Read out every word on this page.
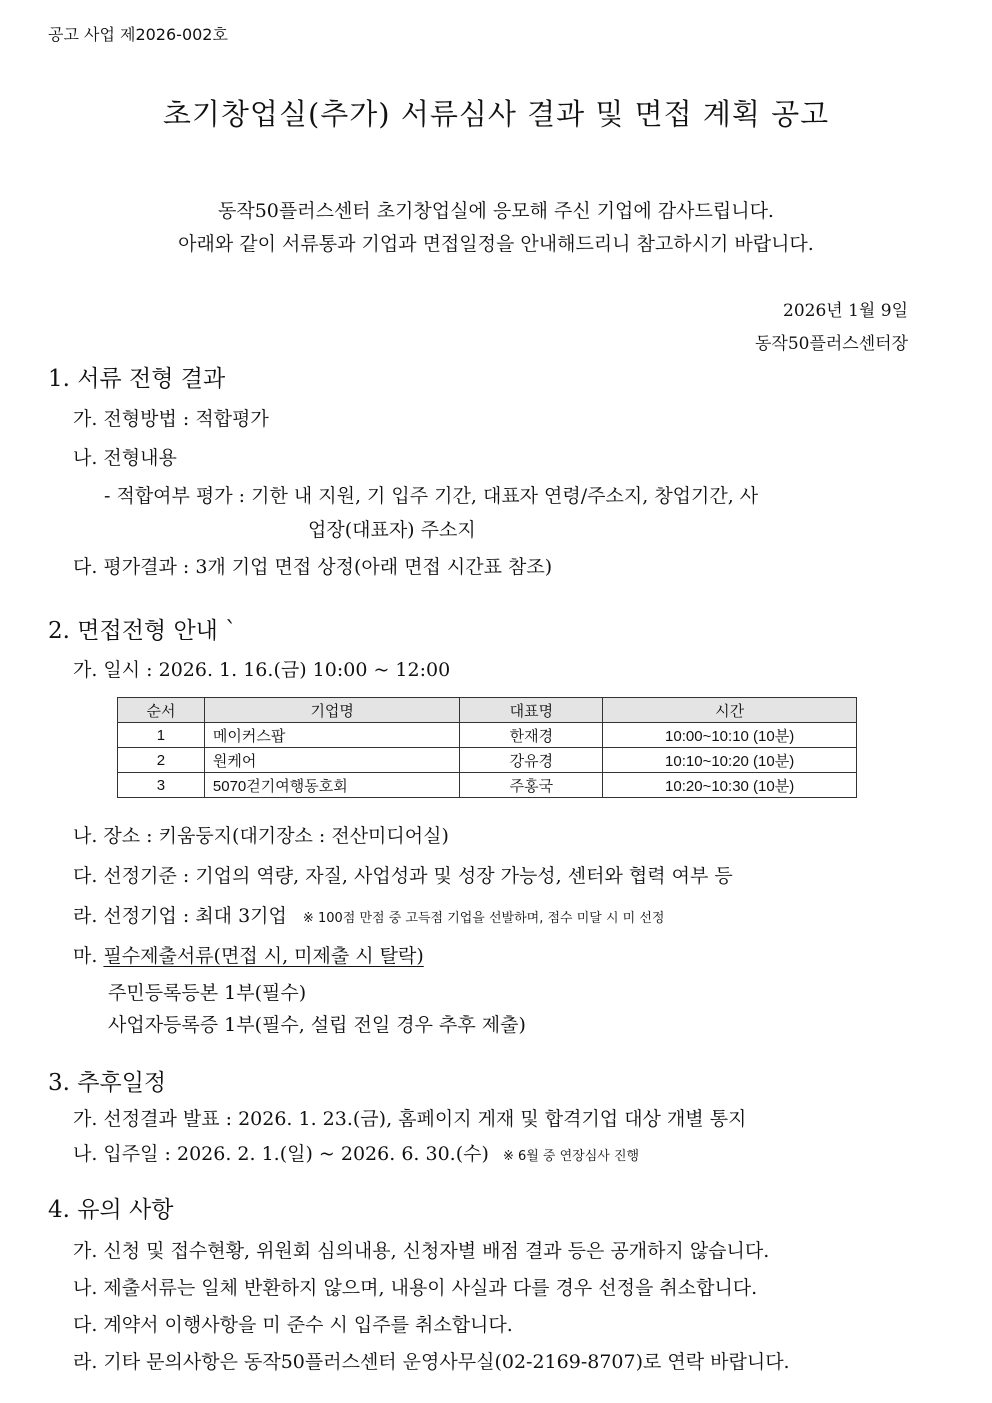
공고 사업 제2026-002호
초기창업실(추가) 서류심사 결과 및 면접 계획 공고
동작50플러스센터 초기창업실에 응모해 주신 기업에 감사드립니다.
아래와 같이 서류통과 기업과 면접일정을 안내해드리니 참고하시기 바랍니다.
2026년 1월 9일
동작50플러스센터장
1. 서류 전형 결과
가. 전형방법 : 적합평가
나. 전형내용
- 적합여부 평가 : 기한 내 지원, 기 입주 기간, 대표자 연령/주소지, 창업기간, 사
업장(대표자) 주소지
다. 평가결과 : 3개 기업 면접 상정(아래 면접 시간표 참조)
2. 면접전형 안내 `
가. 일시 : 2026. 1. 16.(금) 10:00 ~ 12:00
순서	기업명	대표명	시간
1	메이커스팝	한재경	10:00~10:10 (10분)
2	원케어	강유경	10:10~10:20 (10분)
3	5070걷기여행동호회	주홍국	10:20~10:30 (10분)
나. 장소 : 키움둥지(대기장소 : 전산미디어실)
다. 선정기준 : 기업의 역량, 자질, 사업성과 및 성장 가능성, 센터와 협력 여부 등
라. 선정기업 : 최대 3기업 ※ 100점 만점 중 고득점 기업을 선발하며, 점수 미달 시 미 선정
마. 필수제출서류(면접 시, 미제출 시 탈락)
주민등록등본 1부(필수)
사업자등록증 1부(필수, 설립 전일 경우 추후 제출)
3. 추후일정
가. 선정결과 발표 : 2026. 1. 23.(금), 홈페이지 게재 및 합격기업 대상 개별 통지
나. 입주일 : 2026. 2. 1.(일) ~ 2026. 6. 30.(수) ※ 6월 중 연장심사 진행
4. 유의 사항
가. 신청 및 접수현황, 위원회 심의내용, 신청자별 배점 결과 등은 공개하지 않습니다.
나. 제출서류는 일체 반환하지 않으며, 내용이 사실과 다를 경우 선정을 취소합니다.
다. 계약서 이행사항을 미 준수 시 입주를 취소합니다.
라. 기타 문의사항은 동작50플러스센터 운영사무실(02-2169-8707)로 연락 바랍니다.
